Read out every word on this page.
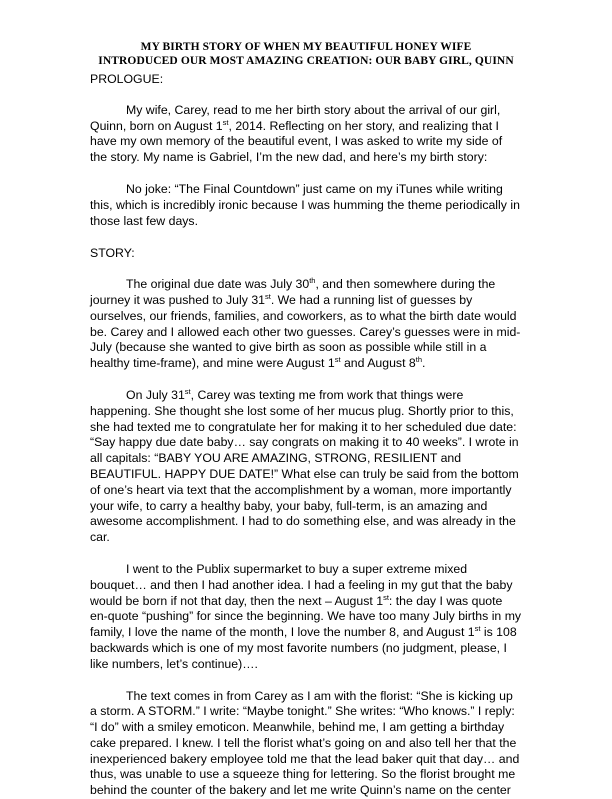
MY BIRTH STORY OF WHEN MY BEAUTIFUL HONEY WIFE
INTRODUCED OUR MOST AMAZING CREATION: OUR BABY GIRL, QUINN
PROLOGUE:
My wife, Carey, read to me her birth story about the arrival of our girl, Quinn, born on August 1st, 2014. Reflecting on her story, and realizing that I have my own memory of the beautiful event, I was asked to write my side of the story. My name is Gabriel, I’m the new dad, and here’s my birth story:
No joke: “The Final Countdown” just came on my iTunes while writing this, which is incredibly ironic because I was humming the theme periodically in those last few days.
STORY:
The original due date was July 30th, and then somewhere during the journey it was pushed to July 31st. We had a running list of guesses by ourselves, our friends, families, and coworkers, as to what the birth date would be. Carey and I allowed each other two guesses. Carey’s guesses were in mid-July (because she wanted to give birth as soon as possible while still in a healthy time-frame), and mine were August 1st and August 8th.
On July 31st, Carey was texting me from work that things were happening. She thought she lost some of her mucus plug. Shortly prior to this, she had texted me to congratulate her for making it to her scheduled due date: “Say happy due date baby… say congrats on making it to 40 weeks”. I wrote in all capitals: “BABY YOU ARE AMAZING, STRONG, RESILIENT and BEAUTIFUL. HAPPY DUE DATE!” What else can truly be said from the bottom of one’s heart via text that the accomplishment by a woman, more importantly your wife, to carry a healthy baby, your baby, full-term, is an amazing and awesome accomplishment. I had to do something else, and was already in the car.
I went to the Publix supermarket to buy a super extreme mixed bouquet… and then I had another idea. I had a feeling in my gut that the baby would be born if not that day, then the next – August 1st: the day I was quote en-quote “pushing” for since the beginning. We have too many July births in my family, I love the name of the month, I love the number 8, and August 1st is 108 backwards which is one of my most favorite numbers (no judgment, please, I like numbers, let’s continue)….
The text comes in from Carey as I am with the florist: “She is kicking up a storm. A STORM.” I write: “Maybe tonight.” She writes: “Who knows.” I reply: “I do” with a smiley emoticon. Meanwhile, behind me, I am getting a birthday cake prepared. I knew. I tell the florist what’s going on and also tell her that the inexperienced bakery employee told me that the lead baker quit that day… and thus, was unable to use a squeeze thing for lettering. So the florist brought me behind the counter of the bakery and let me write Quinn’s name on the center
